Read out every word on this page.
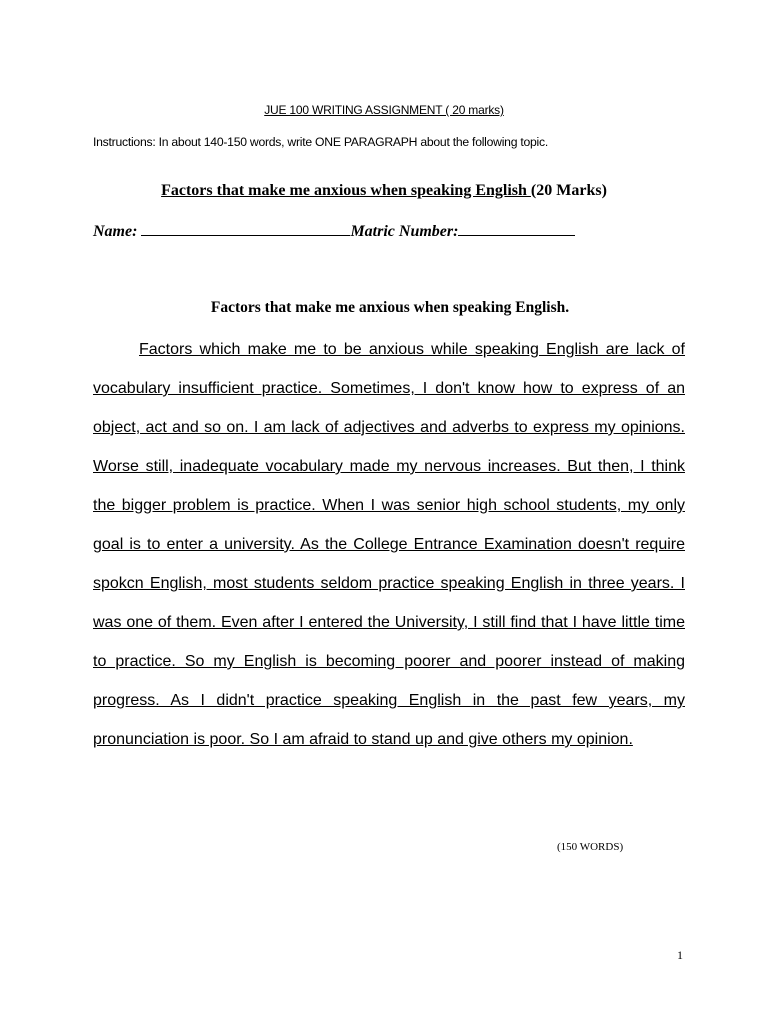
JUE 100 WRITING ASSIGNMENT ( 20 marks)
Instructions: In about 140-150 words, write ONE PARAGRAPH about the following topic.
Factors that make me anxious when speaking English (20 Marks)
Name:	Matric Number:
Factors that make me anxious when speaking English.
Factors which make me to be anxious while speaking English are lack of vocabulary insufficient practice. Sometimes, I don't know how to express of an object, act and so on. I am lack of adjectives and adverbs to express my opinions. Worse still, inadequate vocabulary made my nervous increases. But then, I think the bigger problem is practice. When I was senior high school students, my only goal is to enter a university. As the College Entrance Examination doesn't require spokcn English, most students seldom practice speaking English in three years. I was one of them. Even after I entered the University, I still find that I have little time to practice. So my English is becoming poorer and poorer instead of making progress. As I didn't practice speaking English in the past few years, my pronunciation is poor. So I am afraid to stand up and give others my opinion.
(150 WORDS)
1
